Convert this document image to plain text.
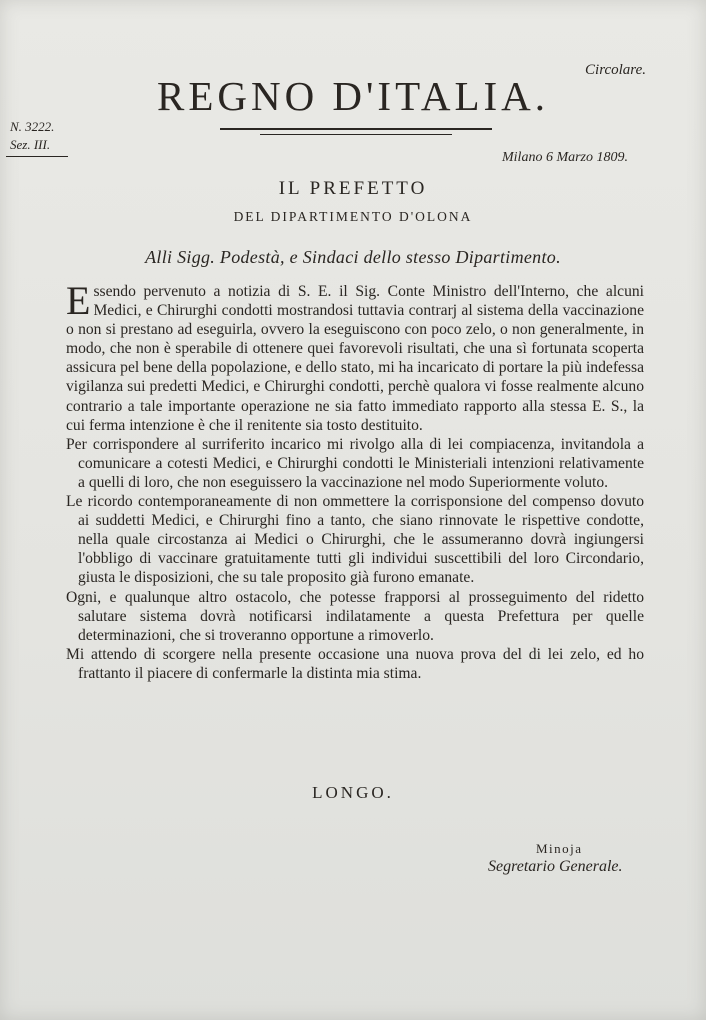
Circolare.
REGNO D'ITALIA.
N. 3222.
Sez. III.
Milano 6 Marzo 1809.
IL PREFETTO
DEL DIPARTIMENTO D'OLONA
Alli Sigg. Podestà, e Sindaci dello stesso Dipartimento.

Essendo pervenuto a notizia di S. E. il Sig. Conte Ministro dell'Interno, che alcuni Medici, e Chirurghi condotti mostrandosi tuttavia contrarj al sistema della vaccinazione o non si prestano ad eseguirla, ovvero la eseguiscono con poco zelo, o non generalmente, in modo, che non è sperabile di ottenere quei favorevoli risultati, che una sì fortunata scoperta assicura pel bene della popolazione, e dello stato, mi ha incaricato di portare la più indefessa vigilanza sui predetti Medici, e Chirurghi condotti, perchè qualora vi fosse realmente alcuno contrario a tale importante operazione ne sia fatto immediato rapporto alla stessa E. S., la cui ferma intenzione è che il renitente sia tosto destituito.

Per corrispondere al surriferito incarico mi rivolgo alla di lei compiacenza, invitandola a comunicare a cotesti Medici, e Chirurghi condotti le Ministeriali intenzioni relativamente a quelli di loro, che non eseguissero la vaccinazione nel modo Superiormente voluto.

Le ricordo contemporaneamente di non ommettere la corrisponsione del compenso dovuto ai suddetti Medici, e Chirurghi fino a tanto, che siano rinnovate le rispettive condotte, nella quale circostanza ai Medici o Chirurghi, che le assumeranno dovrà ingiungersi l'obbligo di vaccinare gratuitamente tutti gli individui suscettibili del loro Circondario, giusta le disposizioni, che su tale proposito già furono emanate.

Ogni, e qualunque altro ostacolo, che potesse frapporsi al prosseguimento del ridetto salutare sistema dovrà notificarsi indilatamente a questa Prefettura per quelle determinazioni, che si troveranno opportune a rimoverlo.

Mi attendo di scorgere nella presente occasione una nuova prova del di lei zelo, ed ho frattanto il piacere di confermarle la distinta mia stima.

LONGO.
Minoja
Segretario Generale.
